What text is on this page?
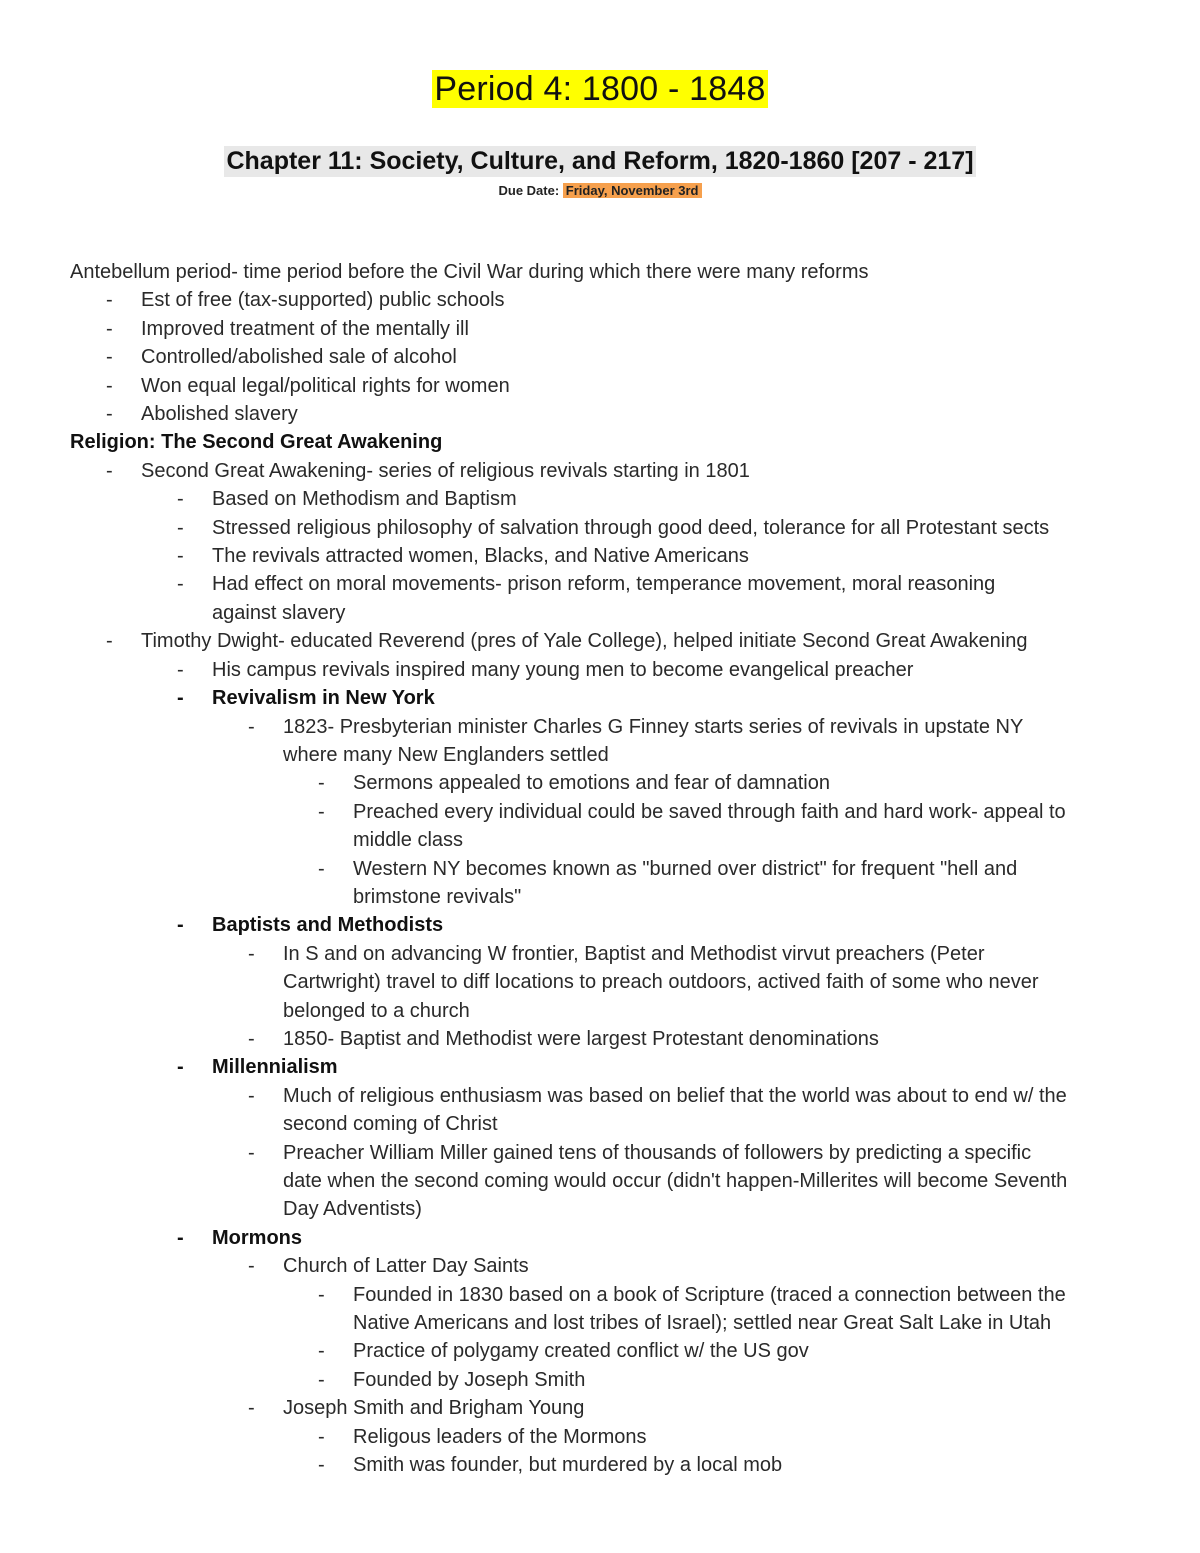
Period 4: 1800 - 1848
Chapter 11: Society, Culture, and Reform, 1820-1860 [207 - 217]
Due Date: Friday, November 3rd
Antebellum period- time period before the Civil War during which there were many reforms
- Est of free (tax-supported) public schools
- Improved treatment of the mentally ill
- Controlled/abolished sale of alcohol
- Won equal legal/political rights for women
- Abolished slavery
Religion: The Second Great Awakening
- Second Great Awakening- series of religious revivals starting in 1801
- Based on Methodism and Baptism
- Stressed religious philosophy of salvation through good deed, tolerance for all Protestant sects
- The revivals attracted women, Blacks, and Native Americans
- Had effect on moral movements- prison reform, temperance movement, moral reasoning
against slavery
- Timothy Dwight- educated Reverend (pres of Yale College), helped initiate Second Great Awakening
- His campus revivals inspired many young men to become evangelical preacher
- Revivalism in New York
- 1823- Presbyterian minister Charles G Finney starts series of revivals in upstate NY
where many New Englanders settled
- Sermons appealed to emotions and fear of damnation
- Preached every individual could be saved through faith and hard work- appeal to
middle class
- Western NY becomes known as "burned over district" for frequent "hell and
brimstone revivals"
- Baptists and Methodists
- In S and on advancing W frontier, Baptist and Methodist virvut preachers (Peter
Cartwright) travel to diff locations to preach outdoors, actived faith of some who never
belonged to a church
- 1850- Baptist and Methodist were largest Protestant denominations
- Millennialism
- Much of religious enthusiasm was based on belief that the world was about to end w/ the
second coming of Christ
- Preacher William Miller gained tens of thousands of followers by predicting a specific
date when the second coming would occur (didn't happen-Millerites will become Seventh
Day Adventists)
- Mormons
- Church of Latter Day Saints
- Founded in 1830 based on a book of Scripture (traced a connection between the
Native Americans and lost tribes of Israel); settled near Great Salt Lake in Utah
- Practice of polygamy created conflict w/ the US gov
- Founded by Joseph Smith
- Joseph Smith and Brigham Young
- Religous leaders of the Mormons
- Smith was founder, but murdered by a local mob
